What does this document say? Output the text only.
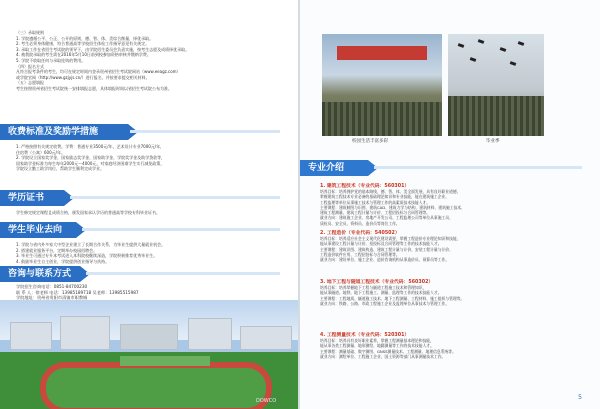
（三）录取规则

1. 学院遵循公平、公正、公开的原则，德、智、体、美综合衡量，择优录取。

2. 考生必须身体健康，符合普通高等学校招生体检工作指导意见有关规定。

3. 录取工作在省招生考试院的领导下，由学院招生委员会负责实施，按考生志愿及成绩择优录取。

4. 被我院录取的考生需在2016年5月10日前到校参加资格审核并缴纳学费。

5. 学院不收取任何与录取挂钩的费用。

（四）报名方式

凡符合报考条件的考生，均可在规定时间内登录贵州省招生考试院网站（www.eeagz.com）

或学院官网（http://www.gzjyjs.cn/）进行报名，并按要求提交相关材料。

（五）志愿填报

考生按照贵州省招生考试院统一安排填报志愿，具体填报时间以省招生考试院公布为准。

收费标准及奖励学措施

1. 严格按照有关规定收费。学费：普通专业3500元/年，艺术设计专业7000元/年，

住宿费（公寓）600元/年。

2. 学院设立国家奖学金、国家励志奖学金、国家助学金、学院奖学金及助学贷款等，

国家助学金标准为每生每年2000元～4000元，对家庭经济困难学生实行减免政策，

学院设立勤工助学岗位，帮助学生顺利完成学业。

学历证书

学生修完规定课程且成绩合格，颁发国家承认学历的普通高等学校专科毕业证书。

学生毕业去向

1. 学院与省内外多家大中型企业建立了长期合作关系，为毕业生提供大量就业机会。

2. 搭建就业服务平台，定期举办校园招聘会。

3. 毕业生可通过专升本考试进入本科院校继续深造，学院积极推荐优秀毕业生。

4. 鼓励毕业生自主创业，学院提供创业指导与扶持。

咨询与联系方式

学院招生咨询电话：0851-84700230

联 系 人：徐老师 电话：13985189718 吴老师：13985515987

学院地址：贵州省贵阳市清镇市职教城

DOWCO
校园生活丰富多彩	毕业季
专业介绍
1. 建筑工程技术（专业代码：560301）

培养目标：培养拥护党的基本路线，德、智、体、美全面发展，具有良好职业道德，

掌握建筑工程技术专业必备的基础理论知识和专业技能，能在建筑施工企业、

工程监理等单位从事施工技术与管理工作的高素质技术技能人才。

主要课程：建筑制图与识图、建筑CAD、建筑力学与结构、建筑材料、建筑施工技术、

建筑工程测量、建筑工程计量与计价、工程招投标与合同管理等。

就业方向：建筑施工企业、房地产开发公司、工程监理公司等单位从事施工员、

质检员、安全员、资料员、造价员等岗位工作。

2. 工程造价（专业代码：540502）

培养目标：培养适应社会主义现代化建设需要，掌握工程造价专业理论知识和技能，

能从事建设工程计量与计价、招投标及合同管理等工作的技术技能人才。

主要课程：建筑识图、建筑构造、建筑工程计量与计价、安装工程计量与计价、

工程造价软件应用、工程招投标与合同管理等。

就业方向：建设单位、施工企业、造价咨询机构从事造价员、预算员等工作。

3. 地下工程与隧道工程技术（专业代码：560302）

培养目标：培养掌握地下工程与隧道工程施工技术和管理知识，

能从事隧道、地铁、地下工程施工、测量、监理等工作的技术技能人才。

主要课程：工程地质、隧道施工技术、地下工程测量、工程材料、施工组织与管理等。

就业方向：铁路、公路、市政工程施工企业及监理单位从事技术与管理工作。

4. 工程测量技术（专业代码：520301）

培养目标：培养具有良好职业素养，掌握工程测量基本理论和技能，

能从事各类工程测量、地形测绘、地籍测量等工作的技术技能人才。

主要课程：测量基础、数字测图、GNSS测量技术、工程测量、地理信息系统等。

就业方向：测绘单位、工程施工企业、国土资源等部门从事测量技术工作。

5
